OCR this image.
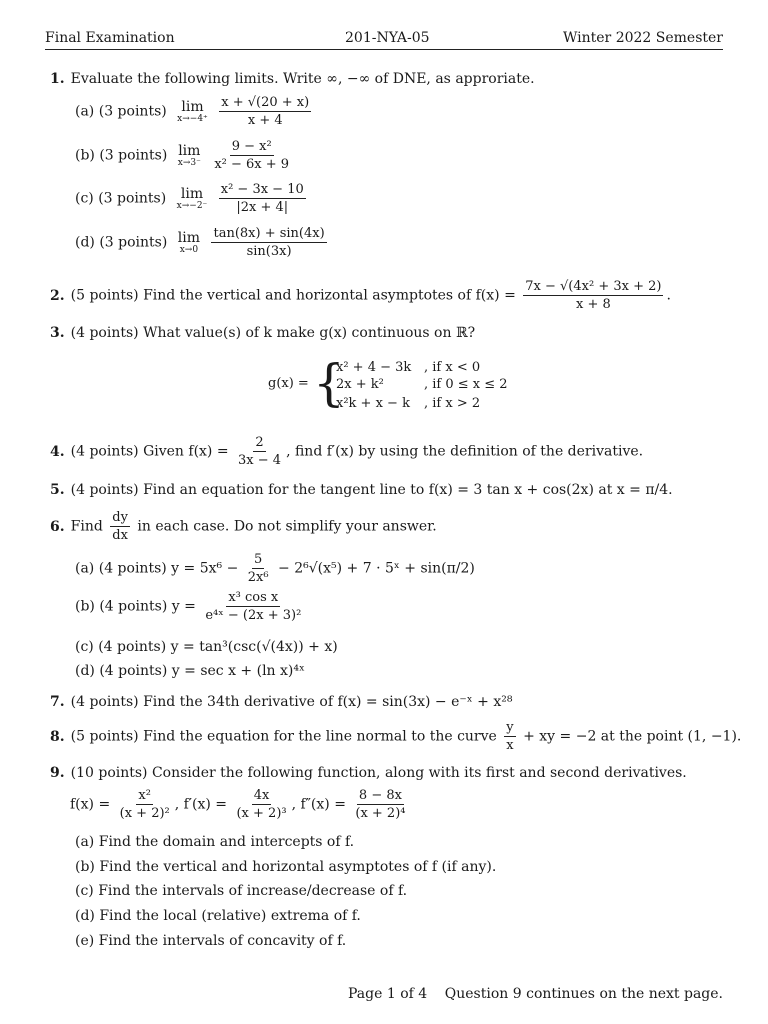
Final Examination	201-NYA-05	Winter 2022 Semester
1. Evaluate the following limits. Write ∞, −∞ of DNE, as approriate.
(a) (3 points) lim
x→−4⁺
$\frac{x + √(20 + x)}{x + 4}$
(b) (3 points) lim
x→3⁻
$\frac{\text{9 − x²}}{\text{x² − 6x + 9}}$
(c) (3 points) lim
x→−2⁻
$\frac{\text{x² − 3x − 10}}{|2x + 4|}$
(d) (3 points) lim
x→0
$\frac{\tan(8x) + \sin(4x)}{\sin(3x)}$
2. (5 points) Find the vertical and horizontal asymptotes of $f(x) = \frac{\text{7x − √(4x² + 3x + 2)}}{x + 8}$ .
3. (4 points) What value(s) of k make g(x) continuous on ℝ?
g(x) = {
x² + 4 − 3k , if x < 0
2x + k²	, if 0 ≤ x ≤ 2
x²k + x − k , if x > 2
4. (4 points) Given $f(x) = \frac{2}{3x - 4}$ , find f′(x) by using the definition of the derivative.
5. (4 points) Find an equation for the tangent line to f(x) = 3 tan x + cos(2x) at x = π/4.
6. Find $\frac{dy}{dx}$ in each case. Do not simplify your answer.
(a) (4 points) $y = 5x^6 - \frac{5}{\text{2x⁶}} - 2^6√(x^5) + 7$ · 5ˣ + sin(π/2)
(b) (4 points) $y = \frac{\text{x³ cos x}}{\text{e⁴ˣ − (2x + 3)²}}$
(c) (4 points) y = tan³(csc(√(4x)) + x)
(d) (4 points) y = sec x + (ln x)⁴ˣ
7. (4 points) Find the 34th derivative of f(x) = sin(3x) − e⁻ˣ + x²⁸
8. (5 points) Find the equation for the line normal to the curve $\frac{y}{x}$ + xy = −2 at the point (1, −1).
9. (10 points) Consider the following function, along with its first and second derivatives.
$f(x) = \frac{\text{x²}}{\text{(x + 2)²}}$ , $f'(x) = \frac{4x}{\text{(x + 2)³}}$ , $f''(x) = \frac{8 - 8x}{\text{(x + 2)⁴}}$
(a) Find the domain and intercepts of f.
(b) Find the vertical and horizontal asymptotes of f (if any).
(c) Find the intervals of increase/decrease of f.
(d) Find the local (relative) extrema of f.
(e) Find the intervals of concavity of f.
Page 1 of 4 Question 9 continues on the next page.
